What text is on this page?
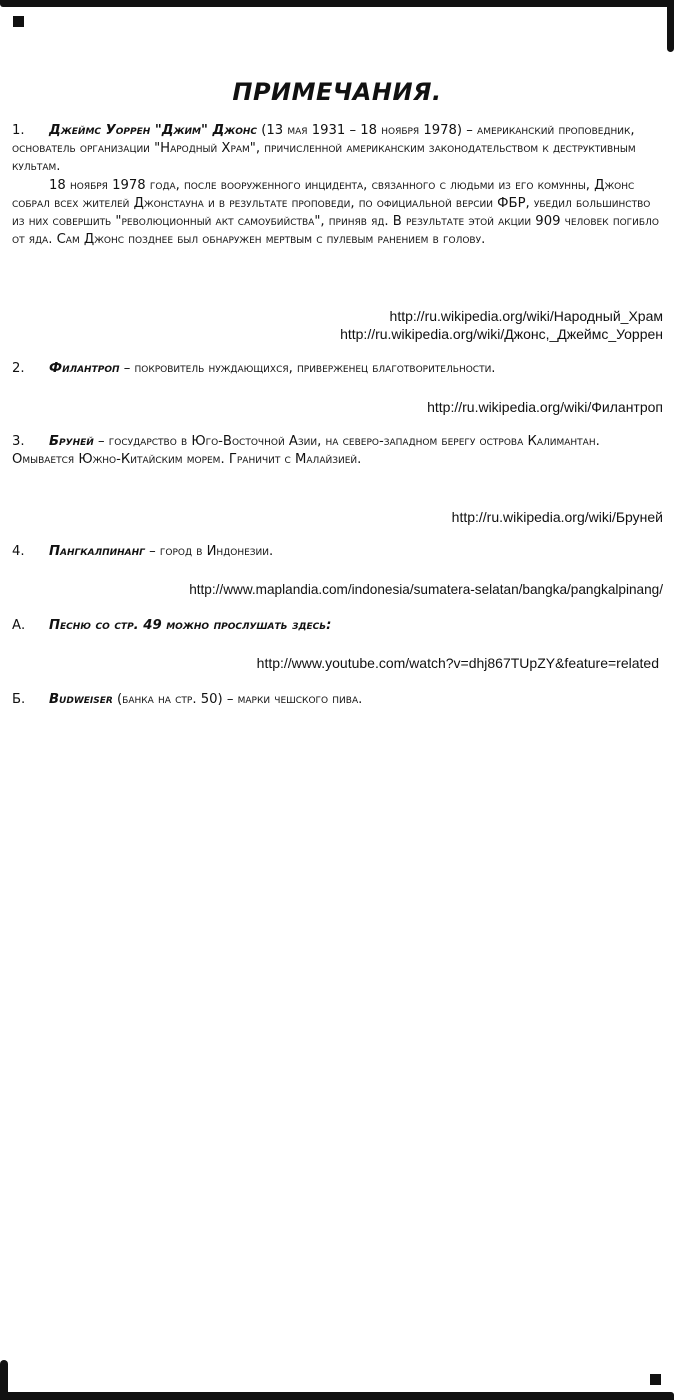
ПРИМЕЧАНИЯ.
1. Джеймс Уоррен "Джим" Джонс (13 мая 1931 – 18 ноября 1978) – американский проповедник, основатель организации "Народный Храм", причисленной американским законодательством к деструктивным культам.
18 ноября 1978 года, после вооруженного инцидента, связанного с людьми из его комунны, Джонс собрал всех жителей Джонстауна и в результате проповеди, по официальной версии ФБР, убедил большинство из них совершить "революционный акт самоубийства", приняв яд. В результате этой акции 909 человек погибло от яда. Сам Джонс позднее был обнаружен мертвым с пулевым ранением в голову.
http://ru.wikipedia.org/wiki/Народный_Храм
http://ru.wikipedia.org/wiki/Джонс,_Джеймс_Уоррен
2. Филантроп – покровитель нуждающихся, приверженец благотворительности.
http://ru.wikipedia.org/wiki/Филантроп
3. Бруней – государство в Юго-Восточной Азии, на северо-западном берегу острова Калимантан. Омывается Южно-Китайским морем. Граничит с Малайзией.
http://ru.wikipedia.org/wiki/Бруней
4. Пангкалпинанг – город в Индонезии.
http://www.maplandia.com/indonesia/sumatera-selatan/bangka/pangkalpinang/
А. Песню со стр. 49 можно прослушать здесь:
http://www.youtube.com/watch?v=dhj867TUpZY&feature=related
Б. Budweiser (банка на стр. 50) – марки чешского пива.
